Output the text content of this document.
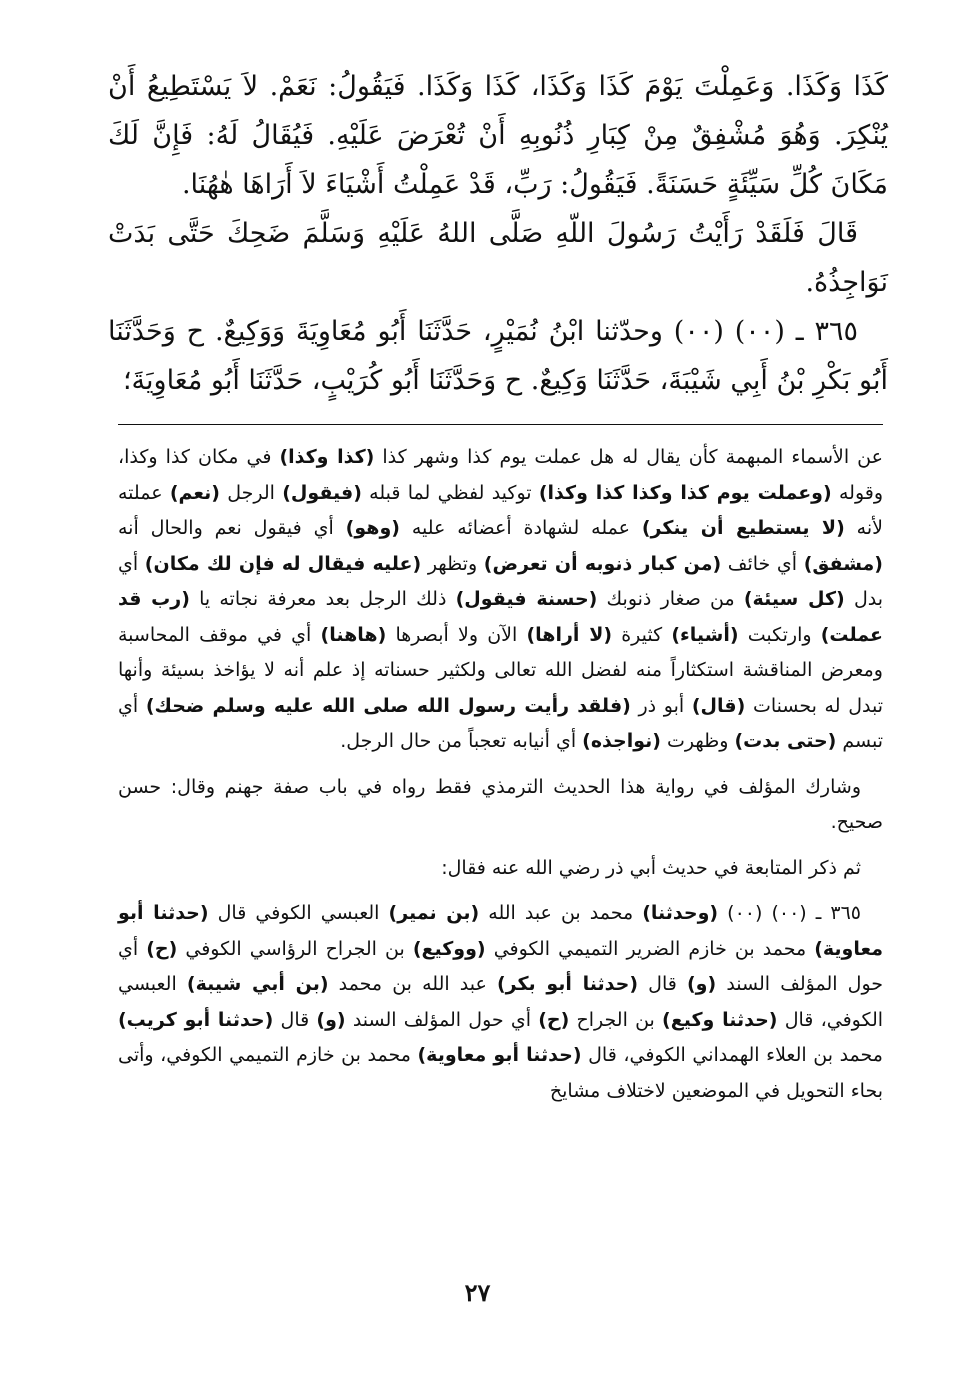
كَذَا وَكَذَا. وَعَمِلْتَ يَوْمَ كَذَا وَكَذَا، كَذَا وَكَذَا. فَيَقُولُ: نَعَمْ. لاَ يَسْتَطِيعُ أَنْ يُنْكِرَ. وَهُوَ مُشْفِقٌ مِنْ كِبَارِ ذُنُوبِهِ أَنْ تُعْرَضَ عَلَيْهِ. فَيُقَالُ لَهُ: فَإِنَّ لَكَ مَكَانَ كُلِّ سَيِّئَةٍ حَسَنَةً. فَيَقُولُ: رَبِّ، قَدْ عَمِلْتُ أَشْيَاءَ لاَ أَرَاهَا هٰهُنَا.

قَالَ فَلَقَدْ رَأَيْتُ رَسُولَ اللّهِ صَلَّى اللهُ عَلَيْهِ وَسَلَّمَ ضَحِكَ حَتَّى بَدَتْ نَوَاجِذُهُ.

٣٦٥ ـ (٠٠) (٠٠) وحدّثنا ابْنُ نُمَيْرٍ، حَدَّثَنَا أَبُو مُعَاوِيَةَ وَوَكِيعٌ. ح وَحَدَّثَنَا أَبُو بَكْرِ بْنُ أَبِي شَيْبَةَ، حَدَّثَنَا وَكِيعٌ. ح وَحَدَّثَنَا أَبُو كُرَيْبٍ، حَدَّثَنَا أَبُو مُعَاوِيَةَ؛

عن الأسماء المبهمة كأن يقال له هل عملت يوم كذا وشهر كذا (كذا وكذا) في مكان كذا وكذا، وقوله (وعملت يوم كذا وكذا كذا وكذا) توكيد لفظي لما قبله (فيقول) الرجل (نعم) عملته لأنه (لا يستطيع أن ينكر) عمله لشهادة أعضائه عليه (وهو) أي فيقول نعم والحال أنه (مشفق) أي خائف (من كبار ذنوبه أن تعرض) وتظهر (عليه فيقال له فإن لك مكان) أي بدل (كل سيئة) من صغار ذنوبك (حسنة فيقول) ذلك الرجل بعد معرفة نجاته يا (رب قد عملت) وارتكبت (أشياء) كثيرة (لا أراها) الآن ولا أبصرها (هاهنا) أي في موقف المحاسبة ومعرض المناقشة استكثاراً منه لفضل الله تعالى ولكثير حسناته إذ علم أنه لا يؤاخذ بسيئة وأنها تبدل له بحسنات (قال) أبو ذر (فلقد رأيت رسول الله صلى الله عليه وسلم ضحك) أي تبسم (حتى بدت) وظهرت (نواجذه) أي أنيابه تعجباً من حال الرجل.

وشارك المؤلف في رواية هذا الحديث الترمذي فقط رواه في باب صفة جهنم وقال: حسن صحيح.

ثم ذكر المتابعة في حديث أبي ذر رضي الله عنه فقال:

٣٦٥ ـ (٠٠) (٠٠) (وحدثنا) محمد بن عبد الله (بن نمير) العبسي الكوفي قال (حدثنا أبو معاوية) محمد بن خازم الضرير التميمي الكوفي (ووكيع) بن الجراح الرؤاسي الكوفي (ح) أي حول المؤلف السند (و) قال (حدثنا أبو بكر) عبد الله بن محمد (بن أبي شيبة) العبسي الكوفي، قال (حدثنا وكيع) بن الجراح (ح) أي حول المؤلف السند (و) قال (حدثنا أبو كريب) محمد بن العلاء الهمداني الكوفي، قال (حدثنا أبو معاوية) محمد بن خازم التميمي الكوفي، وأتى بحاء التحويل في الموضعين لاختلاف مشايخ

٢٧
